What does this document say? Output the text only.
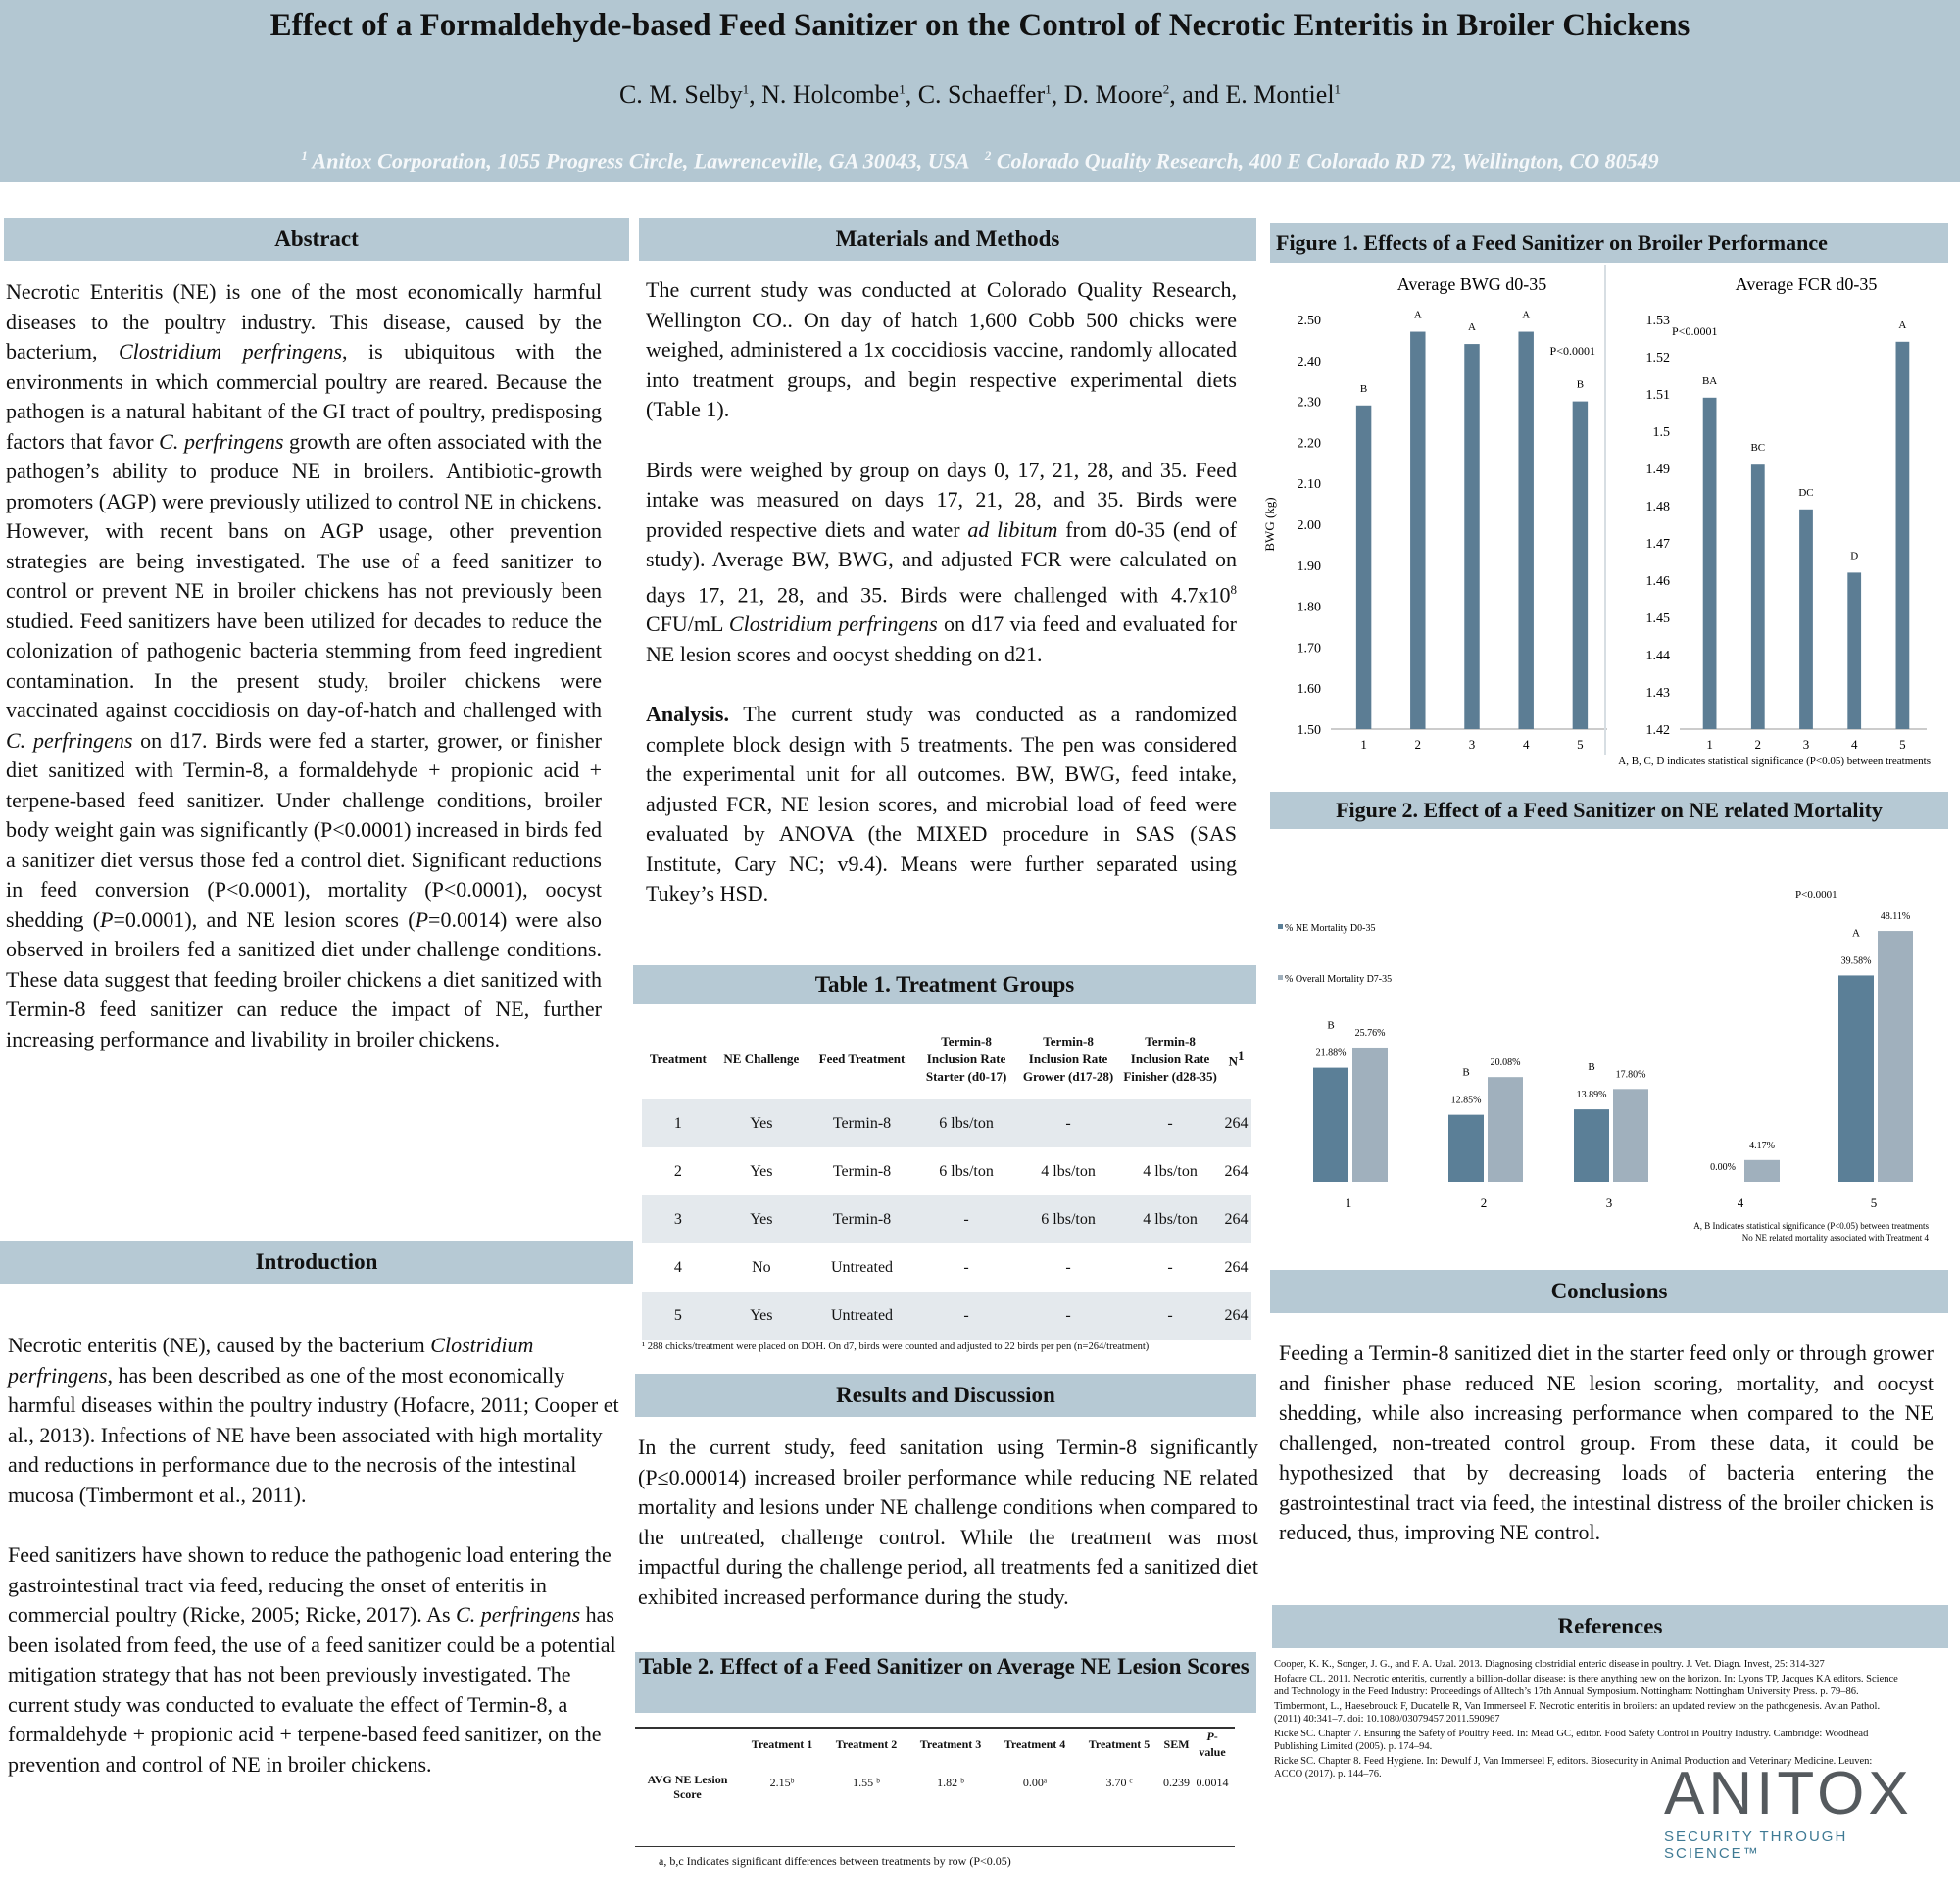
Effect of a Formaldehyde-based Feed Sanitizer on the Control of Necrotic Enteritis in Broiler Chickens
C. M. Selby$^1$, N. Holcombe$^1$, C. Schaeffer$^1$, D. Moore$^2$, and E. Montiel$^1$
$^1$ Anitox Corporation, 1055 Progress Circle, Lawrenceville, GA 30043, USA $^2$ Colorado Quality Research, 400 E Colorado RD 72, Wellington, CO 80549
Abstract
Necrotic Enteritis (NE) is one of the most economically harmful diseases to the poultry industry. This disease, caused by the bacterium, Clostridium perfringens, is ubiquitous with the environments in which commercial poultry are reared. Because the pathogen is a natural habitant of the GI tract of poultry, predisposing factors that favor C. perfringens growth are often associated with the pathogen’s ability to produce NE in broilers. Antibiotic-growth promoters (AGP) were previously utilized to control NE in chickens. However, with recent bans on AGP usage, other prevention strategies are being investigated. The use of a feed sanitizer to control or prevent NE in broiler chickens has not previously been studied. Feed sanitizers have been utilized for decades to reduce the colonization of pathogenic bacteria stemming from feed ingredient contamination. In the present study, broiler chickens were vaccinated against coccidiosis on day-of-hatch and challenged with C. perfringens on d17. Birds were fed a starter, grower, or finisher diet sanitized with Termin-8, a formaldehyde + propionic acid + terpene-based feed sanitizer. Under challenge conditions, broiler body weight gain was significantly (P<0.0001) increased in birds fed a sanitizer diet versus those fed a control diet. Significant reductions in feed conversion (P<0.0001), mortality (P<0.0001), oocyst shedding (P=0.0001), and NE lesion scores (P=0.0014) were also observed in broilers fed a sanitized diet under challenge conditions. These data suggest that feeding broiler chickens a diet sanitized with Termin-8 feed sanitizer can reduce the impact of NE, further increasing performance and livability in broiler chickens.
Introduction

Necrotic enteritis (NE), caused by the bacterium Clostridium perfringens, has been described as one of the most economically harmful diseases within the poultry industry (Hofacre, 2011; Cooper et al., 2013). Infections of NE have been associated with high mortality and reductions in performance due to the necrosis of the intestinal mucosa (Timbermont et al., 2011).

Feed sanitizers have shown to reduce the pathogenic load entering the gastrointestinal tract via feed, reducing the onset of enteritis in commercial poultry (Ricke, 2005; Ricke, 2017). As C. perfringens has been isolated from feed, the use of a feed sanitizer could be a potential mitigation strategy that has not been previously investigated. The current study was conducted to evaluate the effect of Termin-8, a formaldehyde + propionic acid + terpene-based feed sanitizer, on the prevention and control of NE in broiler chickens.

Materials and Methods

The current study was conducted at Colorado Quality Research, Wellington CO.. On day of hatch 1,600 Cobb 500 chicks were weighed, administered a 1x coccidiosis vaccine, randomly allocated into treatment groups, and begin respective experimental diets (Table 1).

Birds were weighed by group on days 0, 17, 21, 28, and 35. Feed intake was measured on days 17, 21, 28, and 35. Birds were provided respective diets and water ad libitum from d0-35 (end of study). Average BW, BWG, and adjusted FCR were calculated on days 17, 21, 28, and 35. Birds were challenged with $4.7x10^8$ CFU/mL Clostridium perfringens on d17 via feed and evaluated for NE lesion scores and oocyst shedding on d21.

Analysis. The current study was conducted as a randomized complete block design with 5 treatments. The pen was considered the experimental unit for all outcomes. BW, BWG, feed intake, adjusted FCR, NE lesion scores, and microbial load of feed were evaluated by ANOVA (the MIXED procedure in SAS (SAS Institute, Cary NC; v9.4). Means were further separated using Tukey’s HSD.

Table 1. Treatment Groups
Treatment	NE Challenge	Feed Treatment	Termin-8 Inclusion Rate Starter (d0-17)	Termin-8 Inclusion Rate Grower (d17-28)	Termin-8 Inclusion Rate Finisher (d28-35)	N1
1	Yes	Termin-8	6 lbs/ton	-	-	264
2	Yes	Termin-8	6 lbs/ton	4 lbs/ton	4 lbs/ton	264
3	Yes	Termin-8	-	6 lbs/ton	4 lbs/ton	264
4	No	Untreated	-	-	-	264
5	Yes	Untreated	-	-	-	264
¹ 288 chicks/treatment were placed on DOH. On d7, birds were counted and adjusted to 22 birds per pen (n=264/treatment)
Results and Discussion
In the current study, feed sanitation using Termin-8 significantly (P≤0.00014) increased broiler performance while reducing NE related mortality and lesions under NE challenge conditions when compared to the untreated, challenge control. While the treatment was most impactful during the challenge period, all treatments fed a sanitized diet exhibited increased performance during the study.
Table 2. Effect of a Feed Sanitizer on Average NE Lesion Scores
	Treatment 1	Treatment 2	Treatment 3	Treatment 4	Treatment 5	SEM	P-value
AVG NE Lesion Score	2.15ᵇ	1.55 ᵇ	1.82 ᵇ	0.00ᵃ	3.70 ᶜ	0.239	0.0014
a, b,c Indicates significant differences between treatments by row (P<0.05)
Figure 1. Effects of a Feed Sanitizer on Broiler Performance
Average BWG d0-35
2.50
2.40
2.30
2.20
2.10
2.00
1.90
1.80
1.70
1.60
1.50
BWG (kg)
B
1
A
2
A
3
A
4
B
5
P<0.0001
Average FCR d0-35
1.53
1.52
1.51
1.5
1.49
1.48
1.47
1.46
1.45
1.44
1.43
1.42
BA
1
BC
2
DC
3
D
4
A
5
P<0.0001
A, B, C, D indicates statistical significance (P<0.05) between treatments
Figure 2. Effect of a Feed Sanitizer on NE related Mortality
% NE Mortality D0-35
21.88%
12.85%
13.89%
0.00%
39.58%
% Overall Mortality D7-35
25.76%
20.08%
17.80%
4.17%
48.11%
1
B
2
B
3
B
4	5
A
P<0.0001
A, B Indicates statistical significance (P<0.05) between treatments
No NE related mortality associated with Treatment 4
Conclusions
Feeding a Termin-8 sanitized diet in the starter feed only or through grower and finisher phase reduced NE lesion scoring, mortality, and oocyst shedding, while also increasing performance when compared to the NE challenged, non-treated control group. From these data, it could be hypothesized that by decreasing loads of bacteria entering the gastrointestinal tract via feed, the intestinal distress of the broiler chicken is reduced, thus, improving NE control.
References
Cooper, K. K., Songer, J. G., and F. A. Uzal. 2013. Diagnosing clostridial enteric disease in poultry. J. Vet. Diagn. Invest, 25: 314-327
Hofacre CL. 2011. Necrotic enteritis, currently a billion-dollar disease: is there anything new on the horizon. In: Lyons TP, Jacques KA editors. Science and Technology in the Feed Industry: Proceedings of Alltech’s 17th Annual Symposium. Nottingham: Nottingham University Press. p. 79–86.
Timbermont, L., Haesebrouck F, Ducatelle R, Van Immerseel F. Necrotic enteritis in broilers: an updated review on the pathogenesis. Avian Pathol. (2011) 40:341–7. doi: 10.1080/03079457.2011.590967
Ricke SC. Chapter 7. Ensuring the Safety of Poultry Feed. In: Mead GC, editor. Food Safety Control in Poultry Industry. Cambridge: Woodhead Publishing Limited (2005). p. 174–94.
Ricke SC. Chapter 8. Feed Hygiene. In: Dewulf J, Van Immerseel F, editors. Biosecurity in Animal Production and Veterinary Medicine. Leuven: ACCO (2017). p. 144–76.	ANITOX
SECURITY THROUGH SCIENCE™
